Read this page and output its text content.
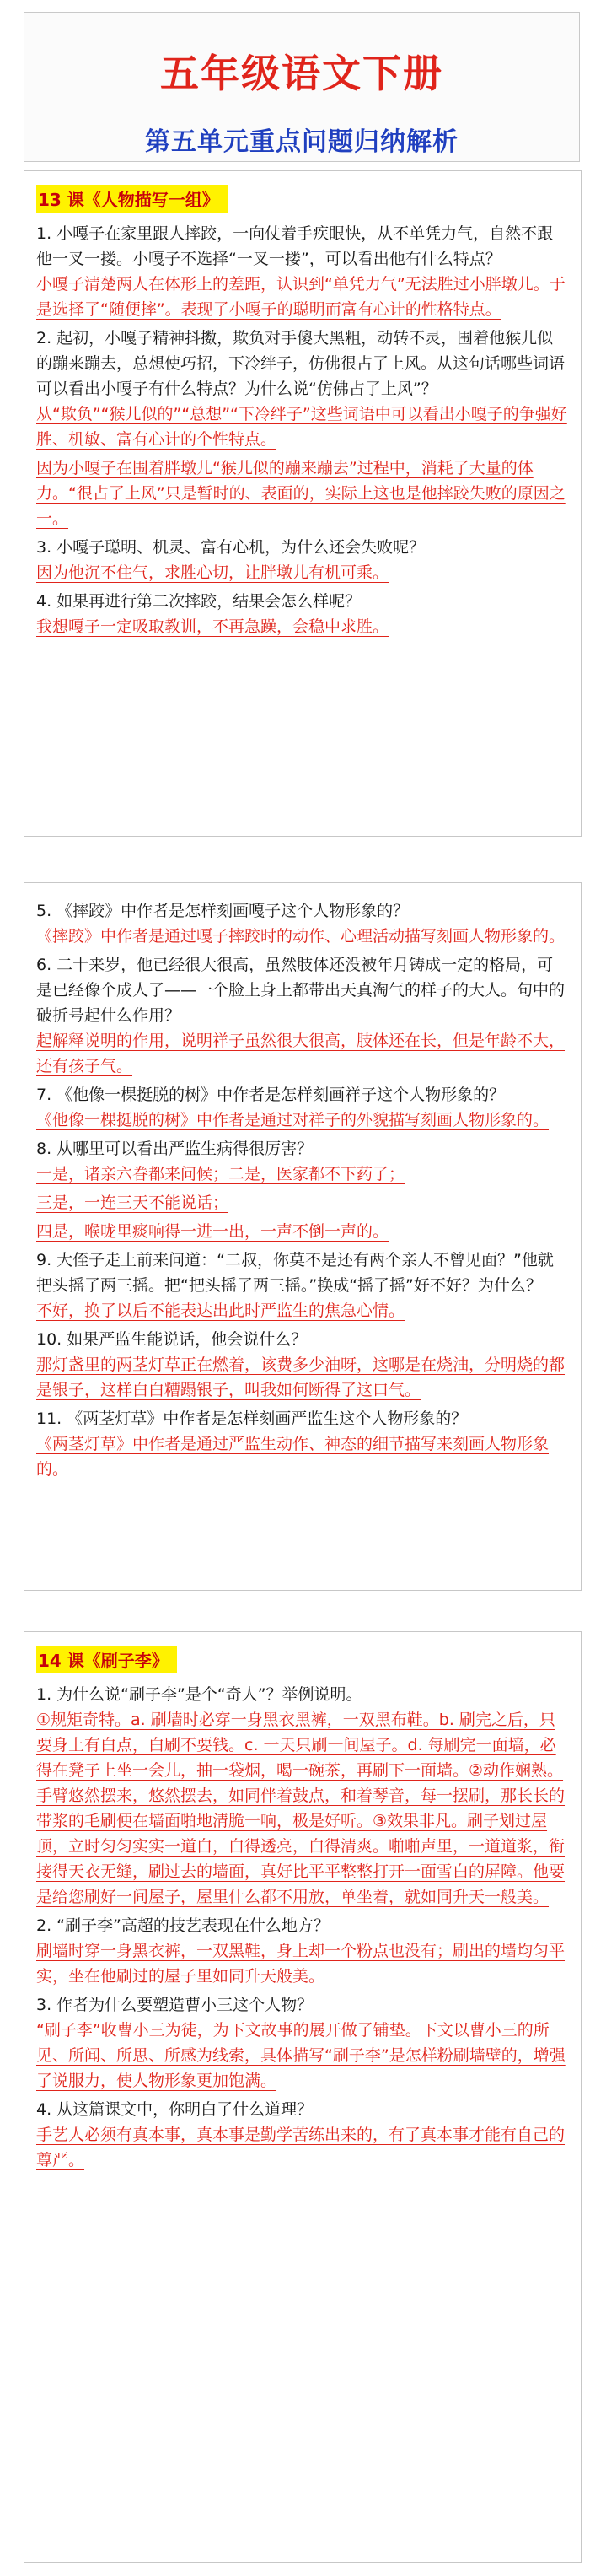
五年级语文下册
第五单元重点问题归纳解析
13 课《人物描写一组》
1. 小嘎子在家里跟人摔跤，一向仗着手疾眼快，从不单凭力气，自然不跟他一叉一搂。小嘎子不选择“一叉一搂”，可以看出他有什么特点？
小嘎子清楚两人在体形上的差距，认识到“单凭力气”无法胜过小胖墩儿。于是选择了“随便摔”。表现了小嘎子的聪明而富有心计的性格特点。
2. 起初，小嘎子精神抖擞，欺负对手傻大黑粗，动转不灵，围着他猴儿似的蹦来蹦去，总想使巧招，下冷绊子，仿佛很占了上风。从这句话哪些词语可以看出小嘎子有什么特点？为什么说“仿佛占了上风”？
从“欺负”“猴儿似的”“总想”“下冷绊子”这些词语中可以看出小嘎子的争强好胜、机敏、富有心计的个性特点。
因为小嘎子在围着胖墩儿“猴儿似的蹦来蹦去”过程中，消耗了大量的体力。“很占了上风”只是暂时的、表面的，实际上这也是他摔跤失败的原因之一。
3. 小嘎子聪明、机灵、富有心机，为什么还会失败呢？
因为他沉不住气，求胜心切，让胖墩儿有机可乘。
4. 如果再进行第二次摔跤，结果会怎么样呢？
我想嘎子一定吸取教训，不再急躁，会稳中求胜。
5. 《摔跤》中作者是怎样刻画嘎子这个人物形象的？
《摔跤》中作者是通过嘎子摔跤时的动作、心理活动描写刻画人物形象的。
6. 二十来岁，他已经很大很高，虽然肢体还没被年月铸成一定的格局，可是已经像个成人了——一个脸上身上都带出天真淘气的样子的大人。句中的破折号起什么作用？
起解释说明的作用，说明祥子虽然很大很高，肢体还在长，但是年龄不大，还有孩子气。
7. 《他像一棵挺脱的树》中作者是怎样刻画祥子这个人物形象的？
《他像一棵挺脱的树》中作者是通过对祥子的外貌描写刻画人物形象的。
8. 从哪里可以看出严监生病得很厉害？
一是，诸亲六眷都来问候；二是，医家都不下药了；
三是，一连三天不能说话；
四是，喉咙里痰响得一进一出，一声不倒一声的。
9. 大侄子走上前来问道：“二叔，你莫不是还有两个亲人不曾见面？”他就把头摇了两三摇。把“把头摇了两三摇。”换成“摇了摇”好不好？为什么？
不好，换了以后不能表达出此时严监生的焦急心情。
10. 如果严监生能说话，他会说什么？
那灯盏里的两茎灯草正在燃着，该费多少油呀，这哪是在烧油，分明烧的都是银子，这样白白糟蹋银子，叫我如何断得了这口气。
11. 《两茎灯草》中作者是怎样刻画严监生这个人物形象的？
《两茎灯草》中作者是通过严监生动作、神态的细节描写来刻画人物形象的。
14 课《刷子李》
1. 为什么说“刷子李”是个“奇人”？举例说明。
①规矩奇特。a. 刷墙时必穿一身黑衣黑裤，一双黑布鞋。b. 刷完之后，只要身上有白点，白刷不要钱。c. 一天只刷一间屋子。d. 每刷完一面墙，必得在凳子上坐一会儿，抽一袋烟，喝一碗茶，再刷下一面墙。②动作娴熟。手臂悠然摆来，悠然摆去，如同伴着鼓点，和着琴音，每一摆刷，那长长的带浆的毛刷便在墙面啪地清脆一响，极是好听。③效果非凡。刷子划过屋顶，立时匀匀实实一道白，白得透亮，白得清爽。啪啪声里，一道道浆，衔接得天衣无缝，刷过去的墙面，真好比平平整整打开一面雪白的屏障。他要是给您刷好一间屋子，屋里什么都不用放，单坐着，就如同升天一般美。
2. “刷子李”高超的技艺表现在什么地方？
刷墙时穿一身黑衣裤，一双黑鞋，身上却一个粉点也没有；刷出的墙均匀平实，坐在他刷过的屋子里如同升天般美。
3. 作者为什么要塑造曹小三这个人物？
“刷子李”收曹小三为徒，为下文故事的展开做了铺垫。下文以曹小三的所见、所闻、所思、所感为线索，具体描写“刷子李”是怎样粉刷墙壁的，增强了说服力，使人物形象更加饱满。
4. 从这篇课文中，你明白了什么道理？
手艺人必须有真本事，真本事是勤学苦练出来的，有了真本事才能有自己的尊严。
